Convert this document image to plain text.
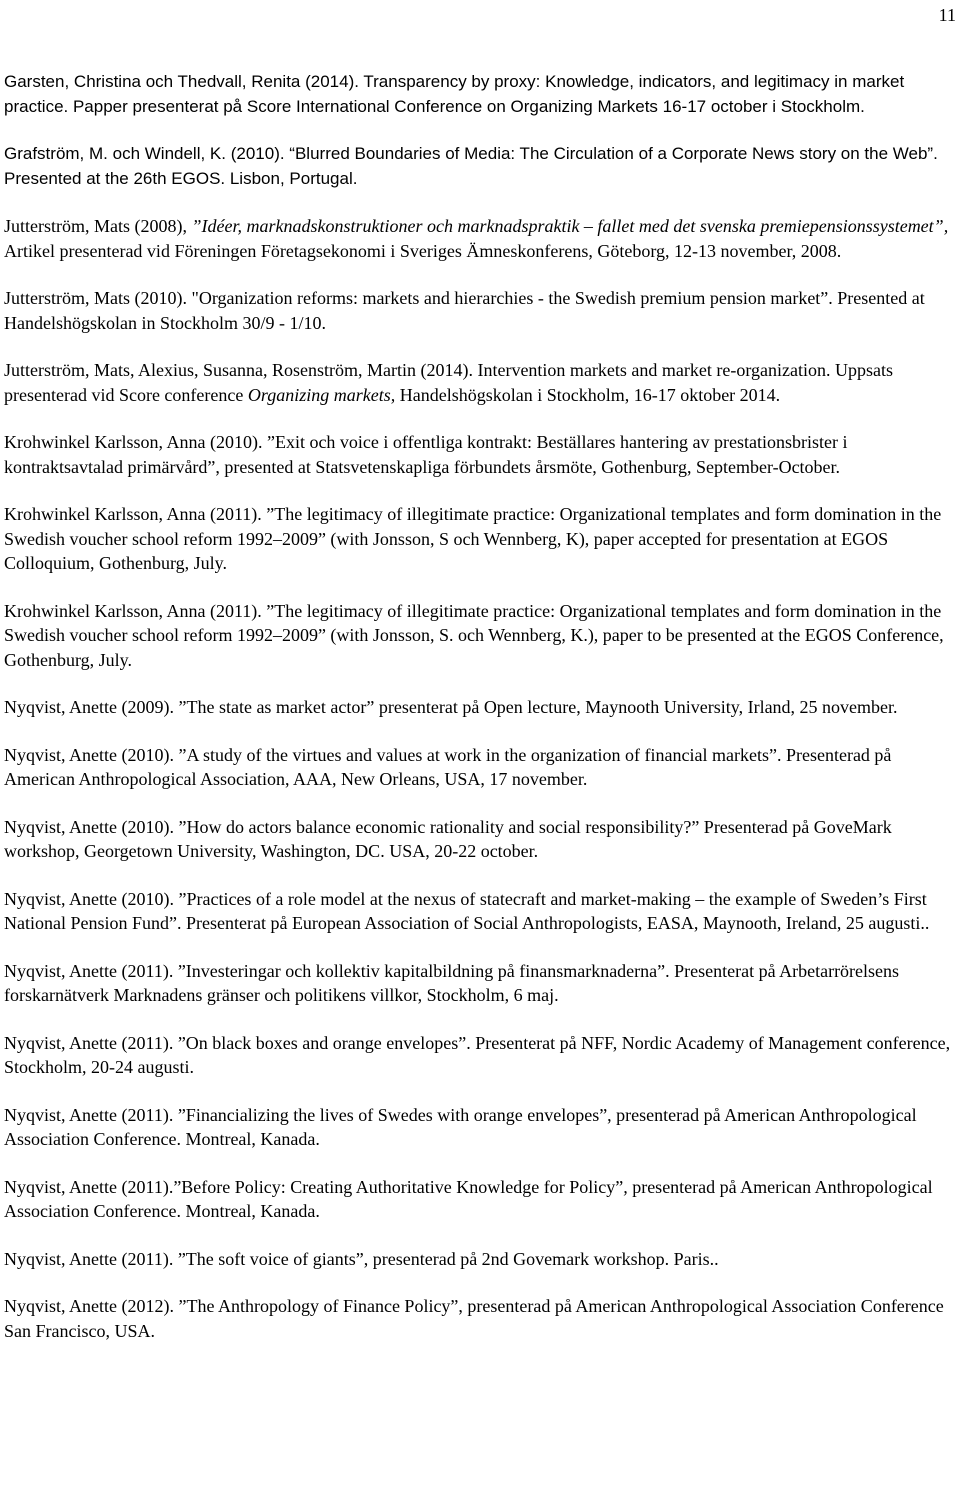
11

Garsten, Christina och Thedvall, Renita (2014). Transparency by proxy: Knowledge, indicators, and legitimacy in market practice. Papper presenterat på Score International Conference on Organizing Markets 16-17 october i Stockholm.

Grafström, M. och Windell, K. (2010). “Blurred Boundaries of Media: The Circulation of a Corporate News story on the Web”. Presented at the 26th EGOS. Lisbon, Portugal.

Jutterström, Mats (2008), ”Idéer, marknadskonstruktioner och marknadspraktik – fallet med det svenska premiepensionssystemet”, Artikel presenterad vid Föreningen Företagsekonomi i Sveriges Ämneskonferens, Göteborg, 12-13 november, 2008.

Jutterström, Mats (2010). "Organization reforms: markets and hierarchies - the Swedish premium pension market”. Presented at Handelshögskolan in Stockholm 30/9 - 1/10.

Jutterström, Mats, Alexius, Susanna, Rosenström, Martin (2014). Intervention markets and market re-organization. Uppsats presenterad vid Score conference Organizing markets, Handelshögskolan i Stockholm, 16-17 oktober 2014.

Krohwinkel Karlsson, Anna (2010). ”Exit och voice i offentliga kontrakt: Beställares hantering av prestationsbrister i kontraktsavtalad primärvård”, presented at Statsvetenskapliga förbundets årsmöte, Gothenburg, September-October.

Krohwinkel Karlsson, Anna (2011). ”The legitimacy of illegitimate practice: Organizational templates and form domination in the Swedish voucher school reform 1992–2009” (with Jonsson, S och Wennberg, K), paper accepted for presentation at EGOS Colloquium, Gothenburg, July.

Krohwinkel Karlsson, Anna (2011). ”The legitimacy of illegitimate practice: Organizational templates and form domination in the Swedish voucher school reform 1992–2009” (with Jonsson, S. och Wennberg, K.), paper to be presented at the EGOS Conference, Gothenburg, July.

Nyqvist, Anette (2009). ”The state as market actor” presenterat på Open lecture, Maynooth University, Irland, 25 november.

Nyqvist, Anette (2010). ”A study of the virtues and values at work in the organization of financial markets”. Presenterad på American Anthropological Association, AAA, New Orleans, USA, 17 november.

Nyqvist, Anette (2010). ”How do actors balance economic rationality and social responsibility?” Presenterad på GoveMark workshop, Georgetown University, Washington, DC. USA, 20-22 october.

Nyqvist, Anette (2010). ”Practices of a role model at the nexus of statecraft and market-making – the example of Sweden’s First National Pension Fund”. Presenterat på European Association of Social Anthropologists, EASA, Maynooth, Ireland, 25 augusti..

Nyqvist, Anette (2011). ”Investeringar och kollektiv kapitalbildning på finansmarknaderna”. Presenterat på Arbetarrörelsens forskarnätverk Marknadens gränser och politikens villkor, Stockholm, 6 maj.

Nyqvist, Anette (2011). ”On black boxes and orange envelopes”. Presenterat på NFF, Nordic Academy of Management conference, Stockholm, 20-24 augusti.

Nyqvist, Anette (2011). ”Financializing the lives of Swedes with orange envelopes”, presenterad på American Anthropological Association Conference. Montreal, Kanada.

Nyqvist, Anette (2011).”Before Policy: Creating Authoritative Knowledge for Policy”, presenterad på American Anthropological Association Conference. Montreal, Kanada.

Nyqvist, Anette (2011). ”The soft voice of giants”, presenterad på 2nd Govemark workshop. Paris..

Nyqvist, Anette (2012). ”The Anthropology of Finance Policy”, presenterad på American Anthropological Association Conference San Francisco, USA.
